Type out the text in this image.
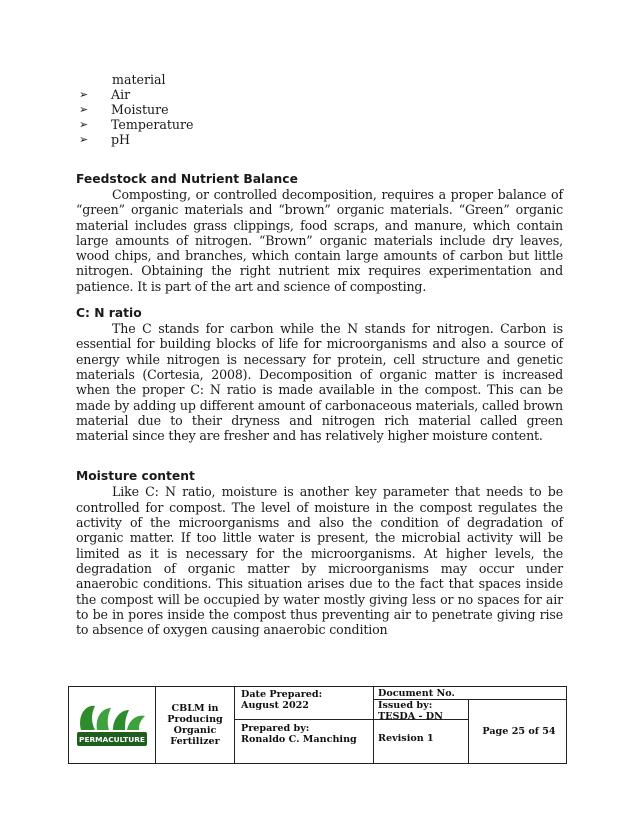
material

➢ Air
➢ Moisture
➢ Temperature
➢ pH
Feedstock and Nutrient Balance

Composting, or controlled decomposition, requires a proper balance of “green” organic materials and “brown” organic materials. “Green” organic material includes grass clippings, food scraps, and manure, which contain large amounts of nitrogen. “Brown” organic materials include dry leaves, wood chips, and branches, which contain large amounts of carbon but little nitrogen. Obtaining the right nutrient mix requires experimentation and patience. It is part of the art and science of composting.

C: N ratio

The C stands for carbon while the N stands for nitrogen. Carbon is essential for building blocks of life for microorganisms and also a source of energy while nitrogen is necessary for protein, cell structure and genetic materials (Cortesia, 2008). Decomposition of organic matter is increased when the proper C: N ratio is made available in the compost. This can be made by adding up different amount of carbonaceous materials, called brown material due to their dryness and nitrogen rich material called green material since they are fresher and has relatively higher moisture content.

Moisture content

Like C: N ratio, moisture is another key parameter that needs to be controlled for compost. The level of moisture in the compost regulates the activity of the microorganisms and also the condition of degradation of organic matter. If too little water is present, the microbial activity will be limited as it is necessary for the microorganisms. At higher levels, the degradation of organic matter by microorganisms may occur under anaerobic conditions. This situation arises due to the fact that spaces inside the compost will be occupied by water mostly giving less or no spaces for air to be in pores inside the compost thus preventing air to penetrate giving rise to absence of oxygen causing anaerobic condition

PERMACULTURE
CBLM in
Producing
Organic
Fertilizer
Date Prepared:
August 2022
Prepared by:
Ronaldo C. Manching
Document No.
Issued by:
TESDA - DN
Revision 1
Page 25 of 54
